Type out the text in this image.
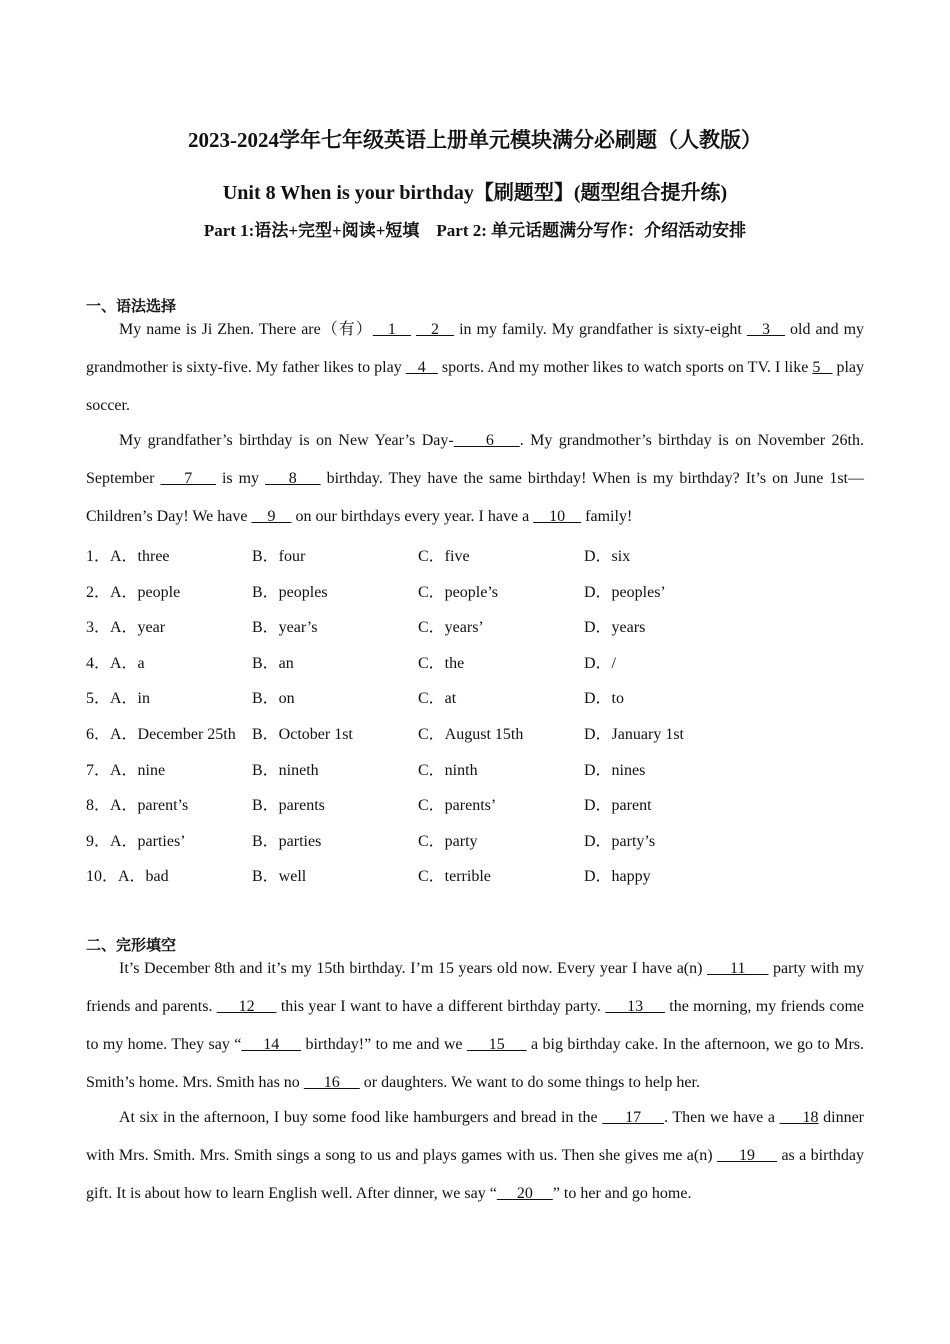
2023-2024学年七年级英语上册单元模块满分必刷题（人教版）
Unit 8 When is your birthday【刷题型】(题型组合提升练)
Part 1:语法+完型+阅读+短填    Part 2: 单元话题满分写作：介绍活动安排
一、语法选择

My name is Ji Zhen. There are（有）   1       2    in my family. My grandfather is sixty-eight    3    old and my grandmother is sixty-five. My father likes to play    4    sports. And my mother likes to watch sports on TV. I like 5    play soccer.

My grandfather’s birthday is on New Year’s Day-     6    . My grandmother’s birthday is on November 26th. September     7     is my     8     birthday. They have the same birthday! When is my birthday? It’s on June 1st—Children’s Day! We have     9     on our birthdays every year. I have a     10     family!

1．A．three	B．four	C．five	D．six
2．A．people	B．peoples	C．people’s	D．peoples’
3．A．year	B．year’s	C．years’	D．years
4．A．a	B．an	C．the	D．/
5．A．in	B．on	C．at	D．to
6．A．December 25th B．October 1st	C．August 15th	D．January 1st
7．A．nine	B．nineth	C．ninth	D．nines
8．A．parent’s	B．parents	C．parents’	D．parent
9．A．parties’	B．parties	C．party	D．party’s
10．A．bad	B．well	C．terrible	D．happy
二、完形填空

It’s December 8th and it’s my 15th birthday. I’m 15 years old now. Every year I have a(n)      11      party with my friends and parents.      12      this year I want to have a different birthday party.      13      the morning, my friends come to my home. They say “     14      birthday!” to me and we      15      a big birthday cake. In the afternoon, we go to Mrs. Smith’s home. Mrs. Smith has no      16      or daughters. We want to do some things to help her.

At six in the afternoon, I buy some food like hamburgers and bread in the      17     . Then we have a      18 dinner with Mrs. Smith. Mrs. Smith sings a song to us and plays games with us. Then she gives me a(n)      19      as a birthday gift. It is about how to learn English well. After dinner, we say “     20     ” to her and go home.
